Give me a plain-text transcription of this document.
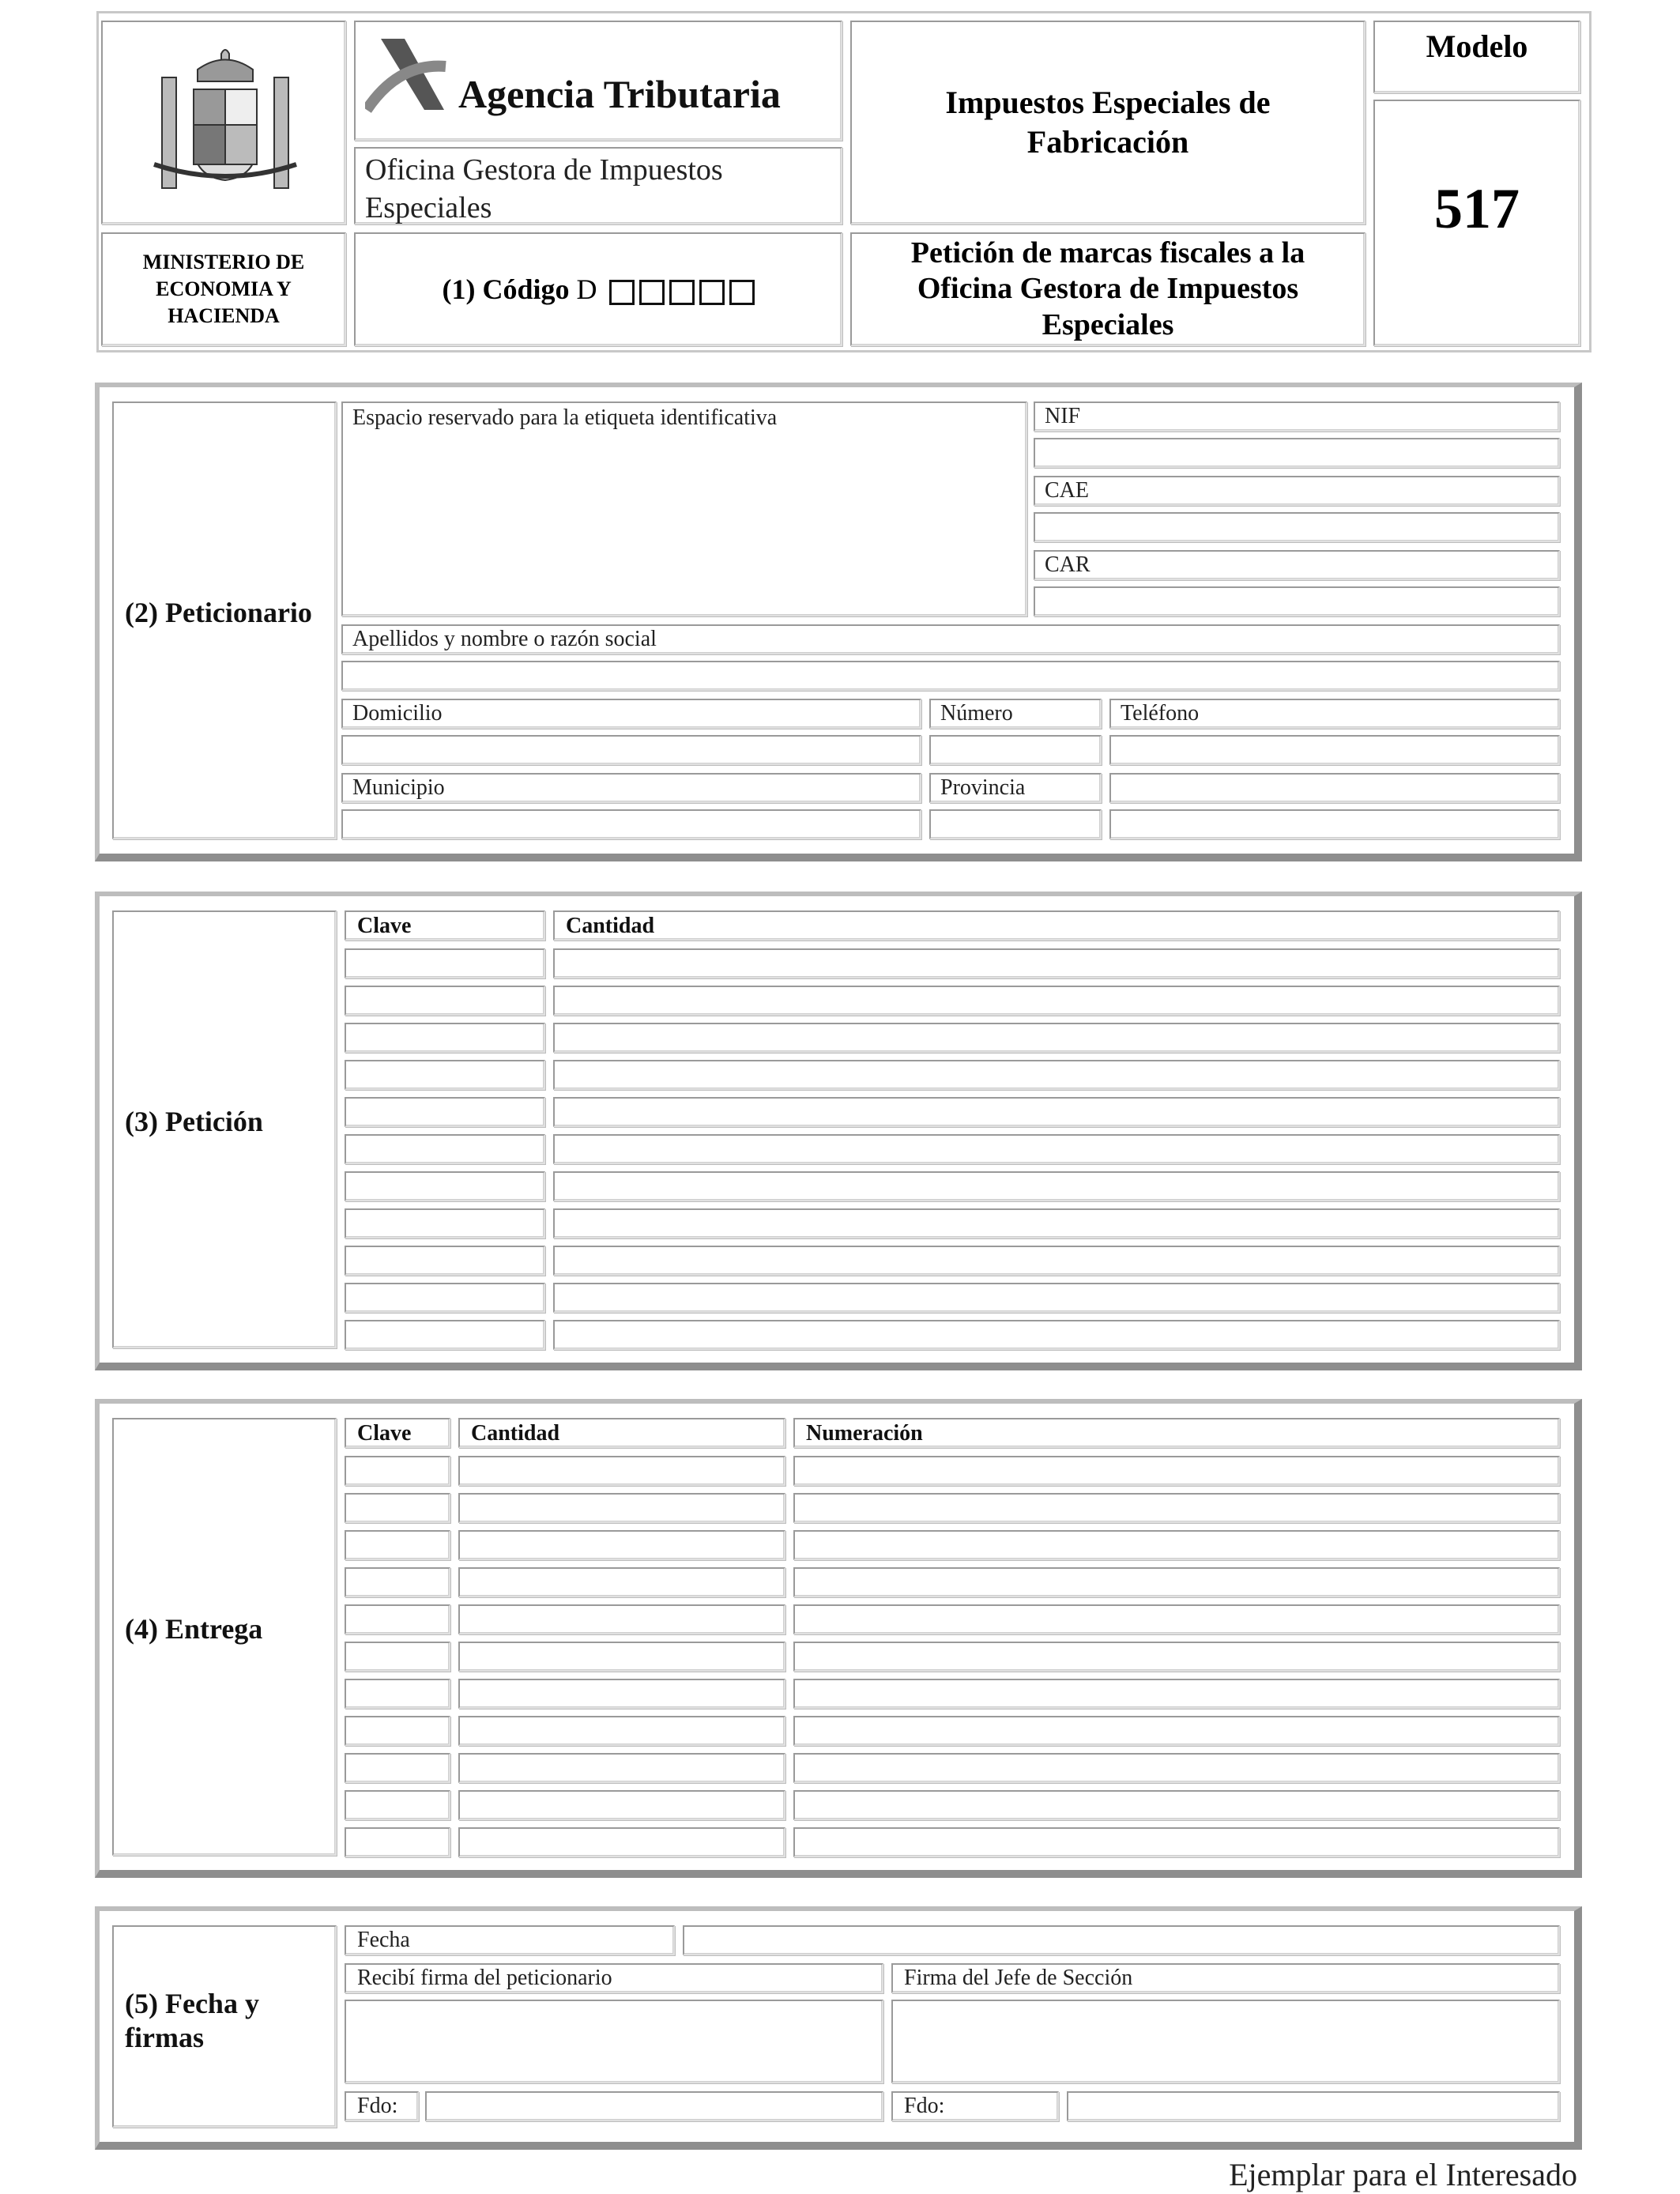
MINISTERIO DE ECONOMIA Y HACIENDA
Agencia Tributaria
Oficina Gestora de Impuestos Especiales
(1) Código D
Impuestos Especiales de Fabricación
Petición de marcas fiscales a la Oficina Gestora de Impuestos Especiales
Modelo
517
(2) Peticionario
Espacio reservado para la etiqueta identificativa	NIF
CAE
CAR
Apellidos y nombre o razón social
Domicilio	Número	Teléfono
Municipio	Provincia
(3) Petición
Clave	Cantidad
(4) Entrega
Clave	Cantidad	Numeración
(5) Fecha y firmas
Fecha
Recibí firma del peticionario	Firma del Jefe de Sección
Fdo:	Fdo:
Ejemplar para el Interesado
